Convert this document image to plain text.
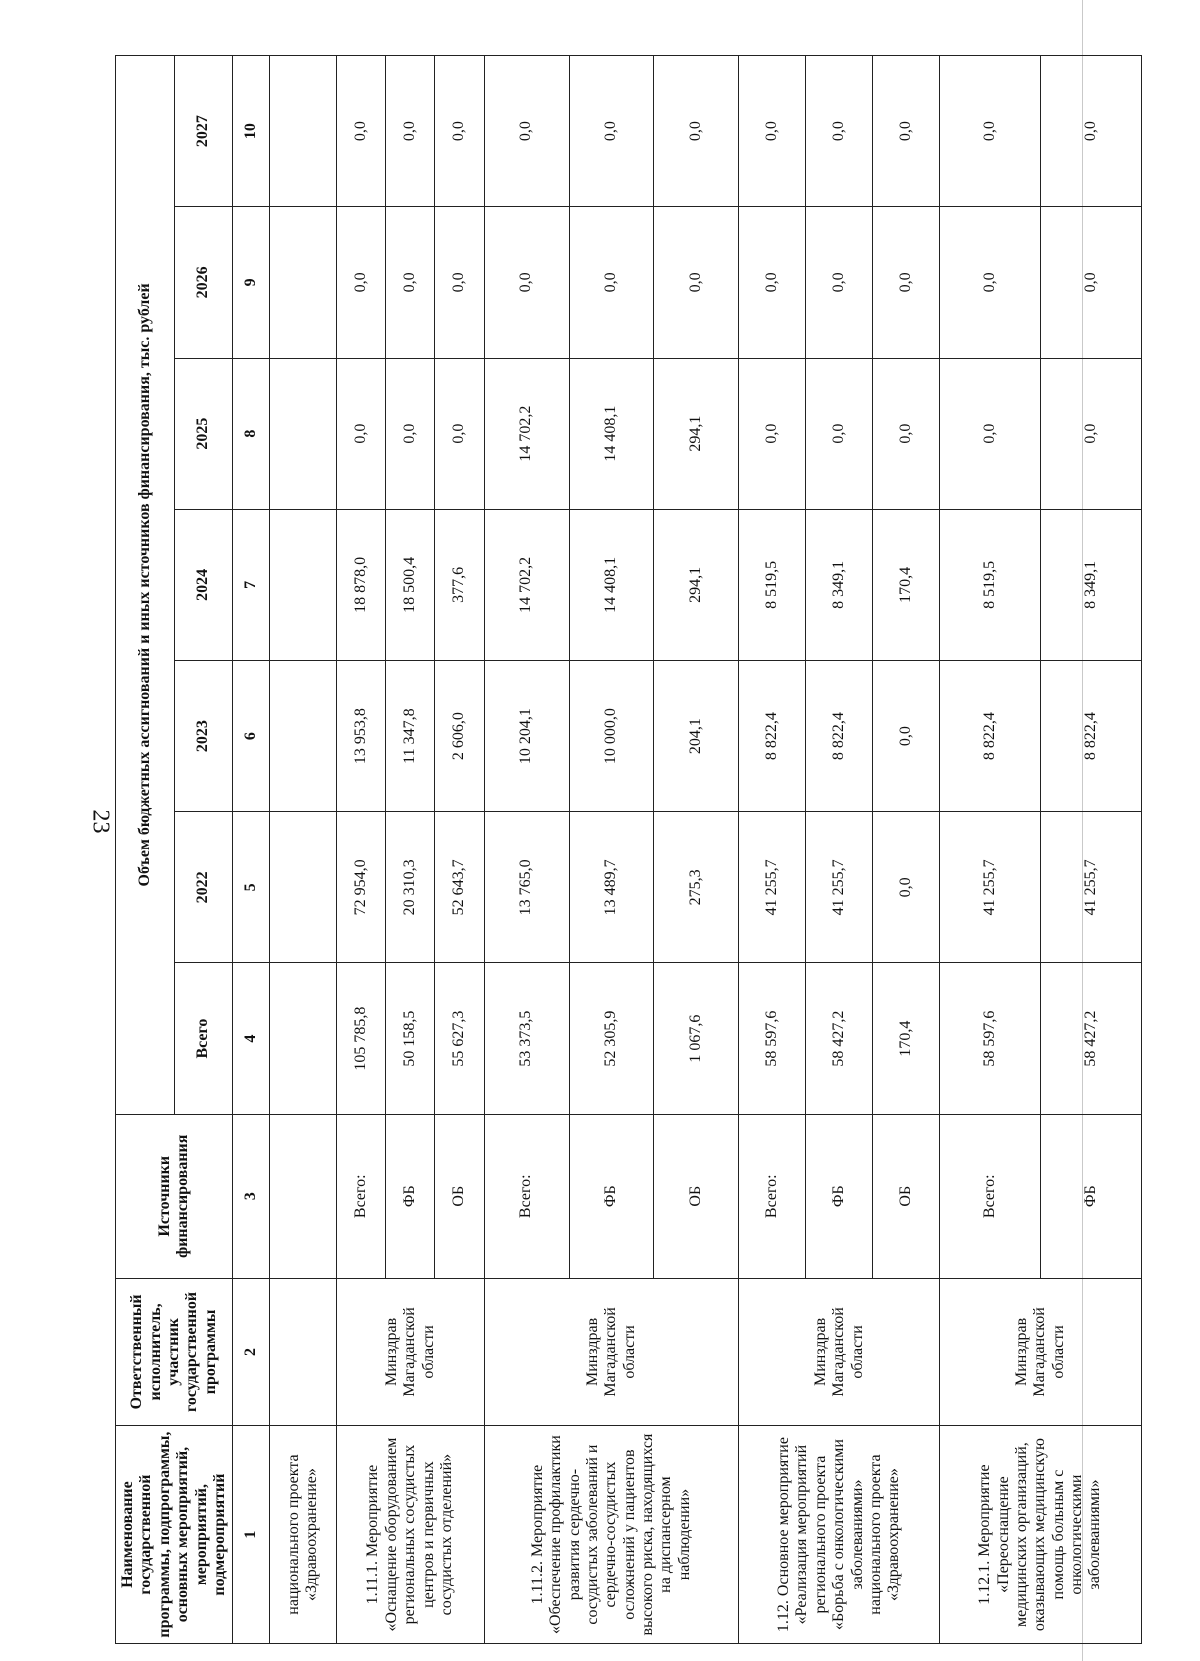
23
Наименование государственной программы, подпрограммы, основных мероприятий, мероприятий, подмероприятий	Ответственный исполнитель, участник государственной программы	Источники финансирования	Объем бюджетных ассигнований и иных источников финансирования, тыс. рублей						
			Всего	2022	2023	2024	2025	2026	2027
1	2	3	4	5	6	7	8	9	10
национального проекта «Здравоохранение»									
1.11.1. Мероприятие «Оснащение оборудованием региональных сосудистых центров и первичных сосудистых отделений»	Минздрав Магаданской области	Всего:	105 785,8	72 954,0	13 953,8	18 878,0	0,0	0,0	0,0
		ФБ	50 158,5	20 310,3	11 347,8	18 500,4	0,0	0,0	0,0
		ОБ	55 627,3	52 643,7	2 606,0	377,6	0,0	0,0	0,0
1.11.2. Мероприятие «Обеспечение профилактики развития сердечно-сосудистых заболеваний и сердечно-сосудистых осложнений у пациентов высокого риска, находящихся на диспансерном наблюдении»	Минздрав Магаданской области	Всего:	53 373,5	13 765,0	10 204,1	14 702,2	14 702,2	0,0	0,0
		ФБ	52 305,9	13 489,7	10 000,0	14 408,1	14 408,1	0,0	0,0
		ОБ	1 067,6	275,3	204,1	294,1	294,1	0,0	0,0
1.12. Основное мероприятие «Реализация мероприятий регионального проекта «Борьба с онкологическими заболеваниями» национального проекта «Здравоохранение»	Минздрав Магаданской области	Всего:	58 597,6	41 255,7	8 822,4	8 519,5	0,0	0,0	0,0
		ФБ	58 427,2	41 255,7	8 822,4	8 349,1	0,0	0,0	0,0
		ОБ	170,4	0,0	0,0	170,4	0,0	0,0	0,0
1.12.1. Мероприятие «Переоснащение медицинских организаций, оказывающих медицинскую помощь больным с онкологическими заболеваниями»	Минздрав Магаданской области	Всего:	58 597,6	41 255,7	8 822,4	8 519,5	0,0	0,0	0,0
		ФБ	58 427,2	41 255,7	8 822,4	8 349,1	0,0	0,0	0,0
